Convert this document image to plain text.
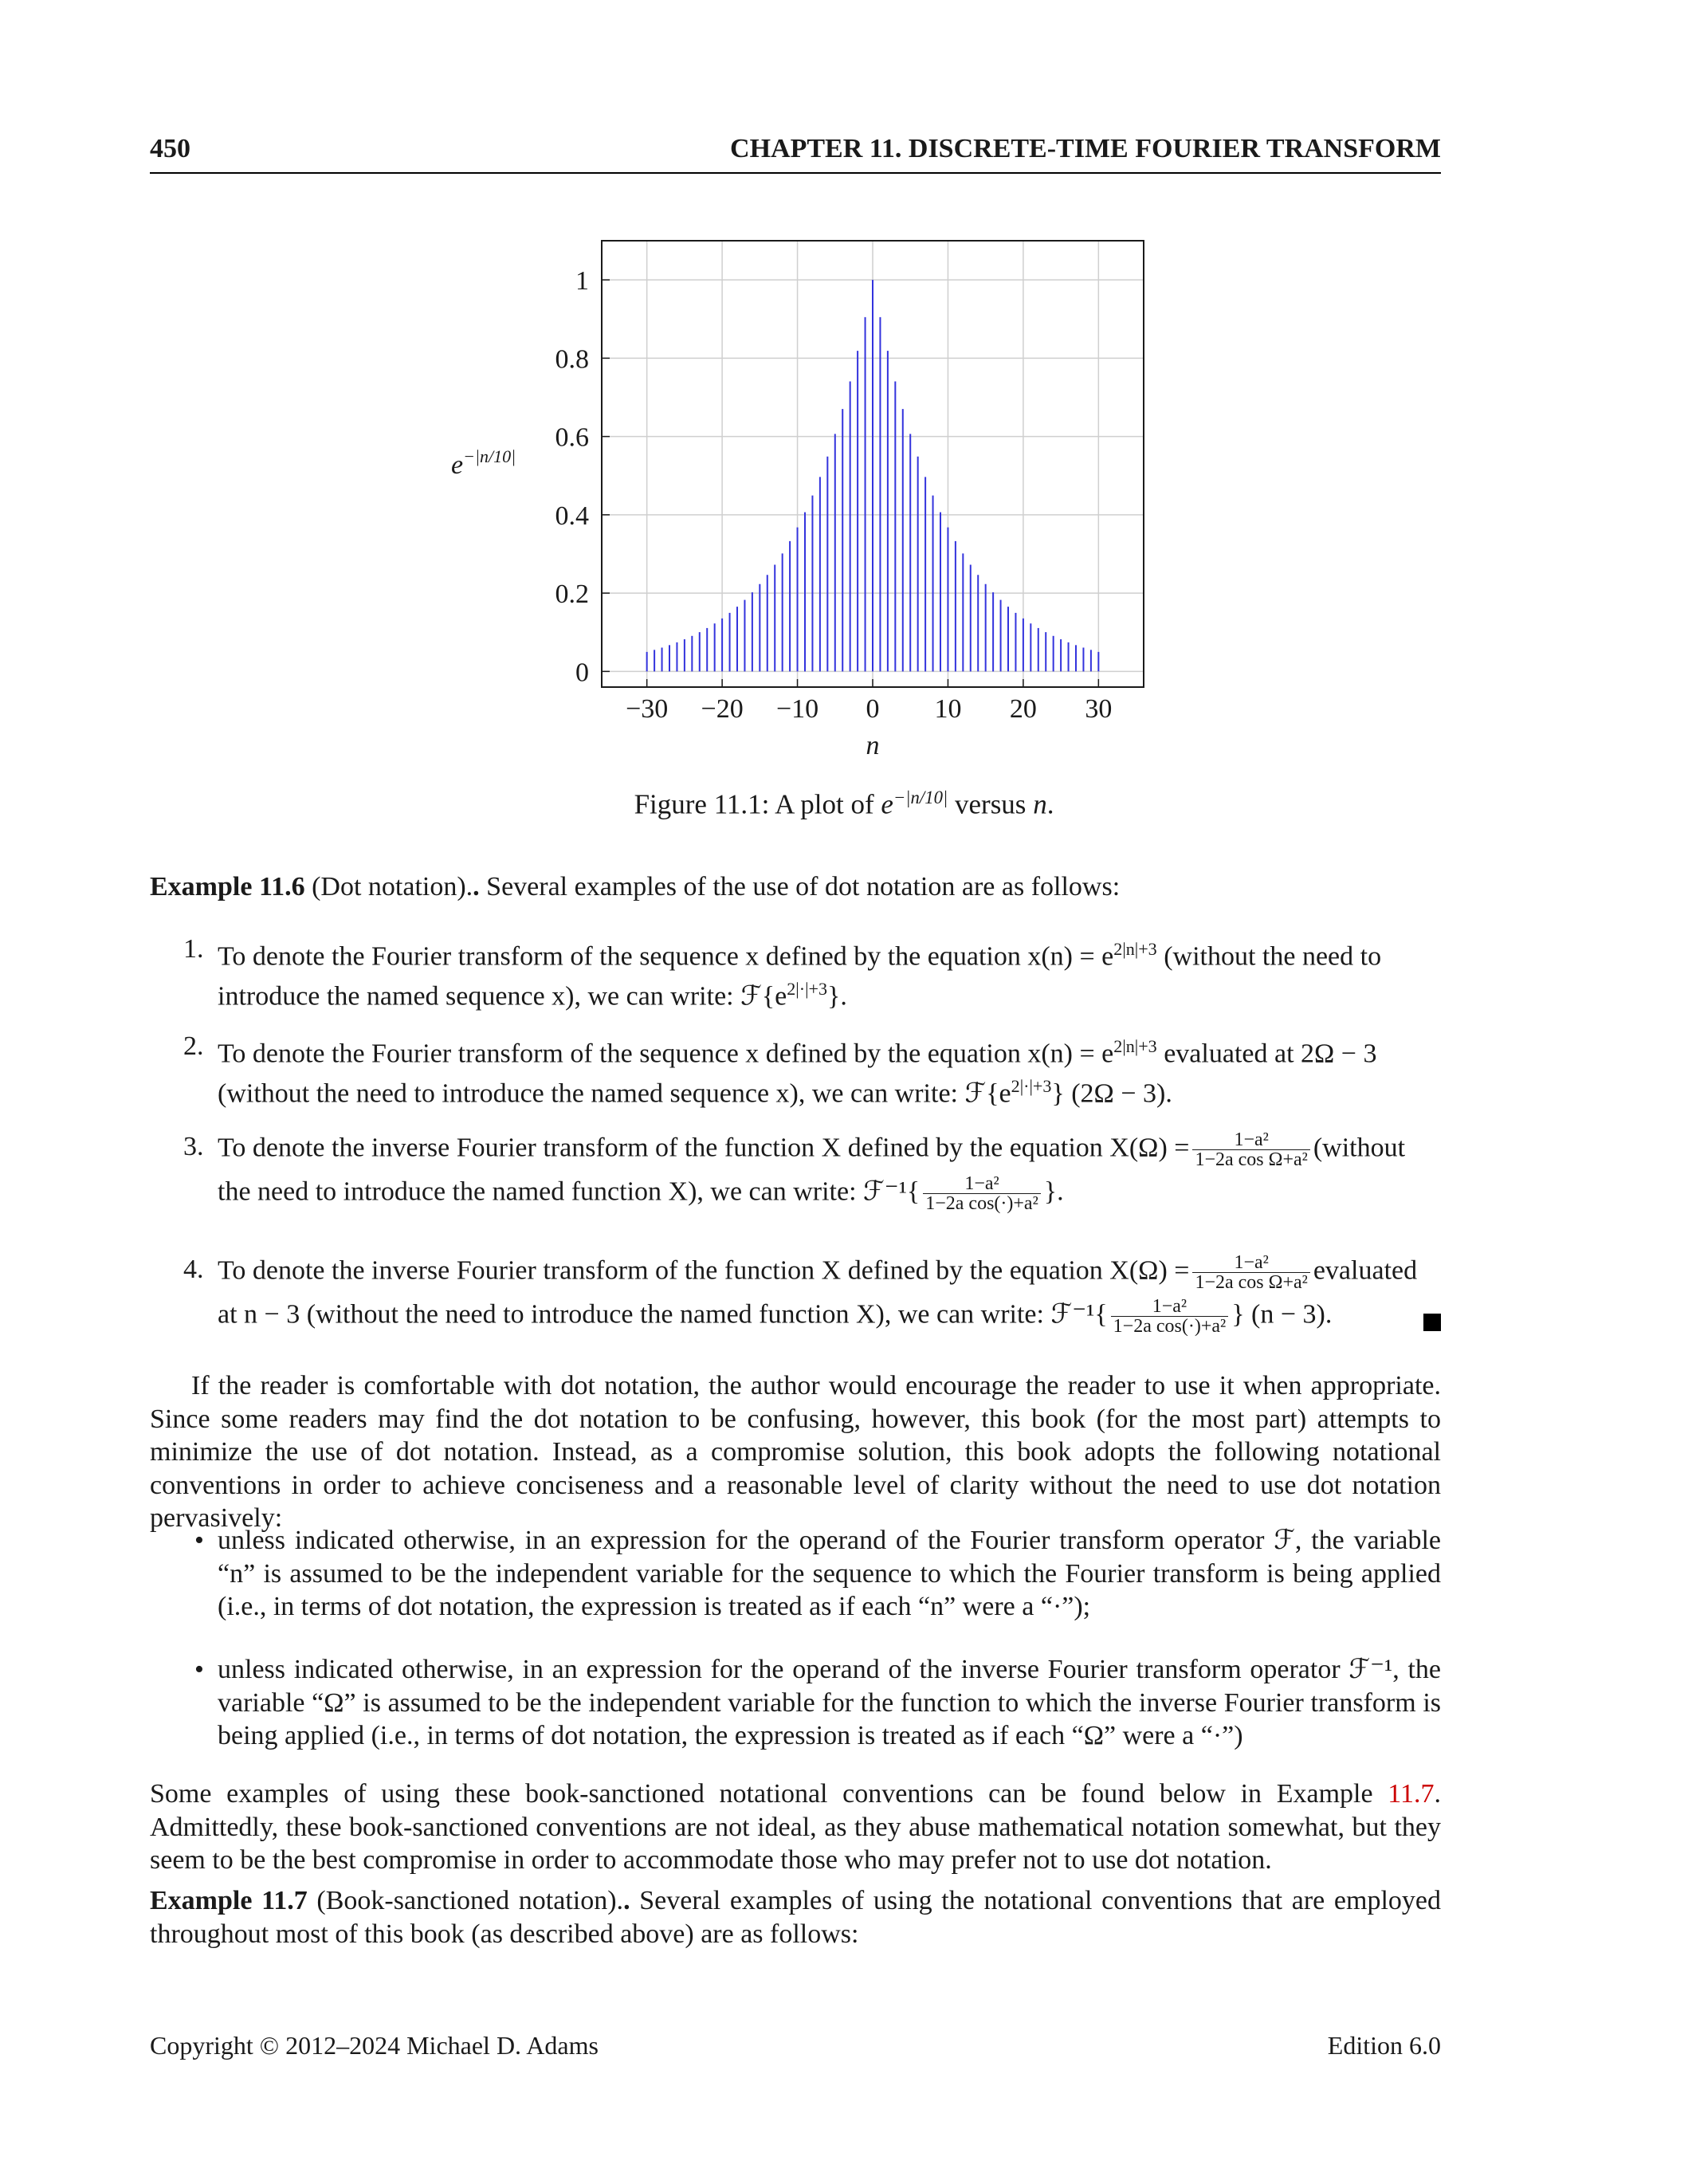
450	CHAPTER 11. DISCRETE-TIME FOURIER TRANSFORM
−30 −20 −10 0 10 20 30
0
0.2
0.4
0.6
0.8
1
n
$e^{-|n/10|}$
Figure 11.1: A plot of $e^{-|n/10|}$ versus n.
Example 11.6 (Dot notation).. Several examples of the use of dot notation are as follows:
1. To denote the Fourier transform of the sequence x defined by the equation $x(n) = e^{2|n|+3}$ (without the need to
introduce the named sequence x), we can write: $ℱ\{e^{2|\cdot|+3}\}$.
2. To denote the Fourier transform of the sequence x defined by the equation $x(n) = e^{2|n|+3}$ evaluated at 2Ω − 3
(without the need to introduce the named sequence x), we can write: $ℱ\{e^{2|\cdot|+3}\} (2\Omega - 3)$.
3. To denote the inverse Fourier transform of the function X defined by the equation $X(\Omega) = \frac{\text{1−a²}}{\text{1−2a cos Ω+a²}}$ (without
the need to introduce the named function X), we can write: ℱ⁻¹{ $\frac{\text{1−a²}}{\text{1−2a cos(·)+a²}}$ }.
4. To denote the inverse Fourier transform of the function X defined by the equation $X(\Omega) = \frac{\text{1−a²}}{\text{1−2a cos Ω+a²}}$ evaluated
at n − 3 (without the need to introduce the named function X), we can write: ℱ⁻¹{ $\frac{\text{1−a²}}{\text{1−2a cos(·)+a²}}$ } (n − 3).
If the reader is comfortable with dot notation, the author would encourage the reader to use it when appropriate. Since some readers may find the dot notation to be confusing, however, this book (for the most part) attempts to minimize the use of dot notation. Instead, as a compromise solution, this book adopts the following notational conventions in order to achieve conciseness and a reasonable level of clarity without the need to use dot notation pervasively:
• unless indicated otherwise, in an expression for the operand of the Fourier transform operator ℱ, the variable “n” is assumed to be the independent variable for the sequence to which the Fourier transform is being applied (i.e., in terms of dot notation, the expression is treated as if each “n” were a “·”);
• unless indicated otherwise, in an expression for the operand of the inverse Fourier transform operator ℱ⁻¹, the variable “Ω” is assumed to be the independent variable for the function to which the inverse Fourier transform is being applied (i.e., in terms of dot notation, the expression is treated as if each “Ω” were a “·”)
Some examples of using these book-sanctioned notational conventions can be found below in Example 11.7. Admittedly, these book-sanctioned conventions are not ideal, as they abuse mathematical notation somewhat, but they seem to be the best compromise in order to accommodate those who may prefer not to use dot notation.
Example 11.7 (Book-sanctioned notation).. Several examples of using the notational conventions that are employed throughout most of this book (as described above) are as follows:
Copyright © 2012–2024 Michael D. Adams	Edition 6.0
